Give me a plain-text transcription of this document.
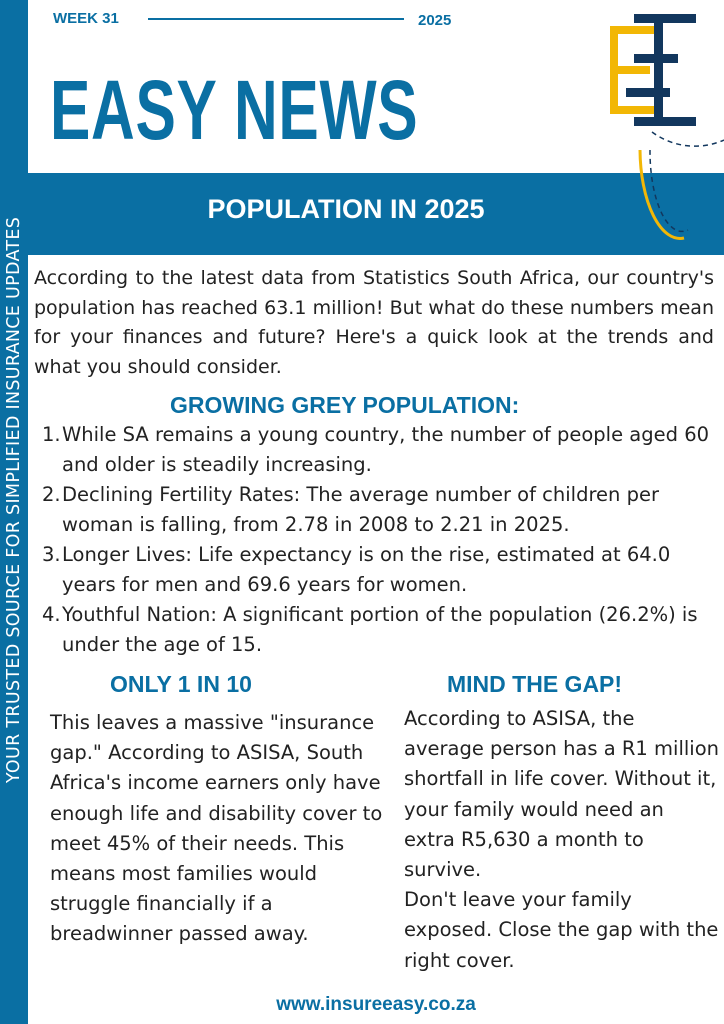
YOUR TRUSTED SOURCE FOR SIMPLIFIED INSURANCE UPDATES
WEEK 31	2025
EASY NEWS
POPULATION IN 2025

According to the latest data from Statistics South Africa, our country's population has reached 63.1 million! But what do these numbers mean for your finances and future? Here's a quick look at the trends and what you should consider.

GROWING GREY POPULATION:
1. While SA remains a young country, the number of people aged 60 and older is steadily increasing.
2. Declining Fertility Rates: The average number of children per woman is falling, from 2.78 in 2008 to 2.21 in 2025.
3. Longer Lives: Life expectancy is on the rise, estimated at 64.0 years for men and 69.6 years for women.
4. Youthful Nation: A significant portion of the population (26.2%) is under the age of 15.
ONLY 1 IN 10	MIND THE GAP!

This leaves a massive "insurance gap." According to ASISA, South Africa's income earners only have enough life and disability cover to meet 45% of their needs. This means most families would struggle financially if a breadwinner passed away.

According to ASISA, the average person has a R1 million shortfall in life cover. Without it, your family would need an extra R5,630 a month to survive.

Don't leave your family exposed. Close the gap with the right cover.

www.insureeasy.co.za
